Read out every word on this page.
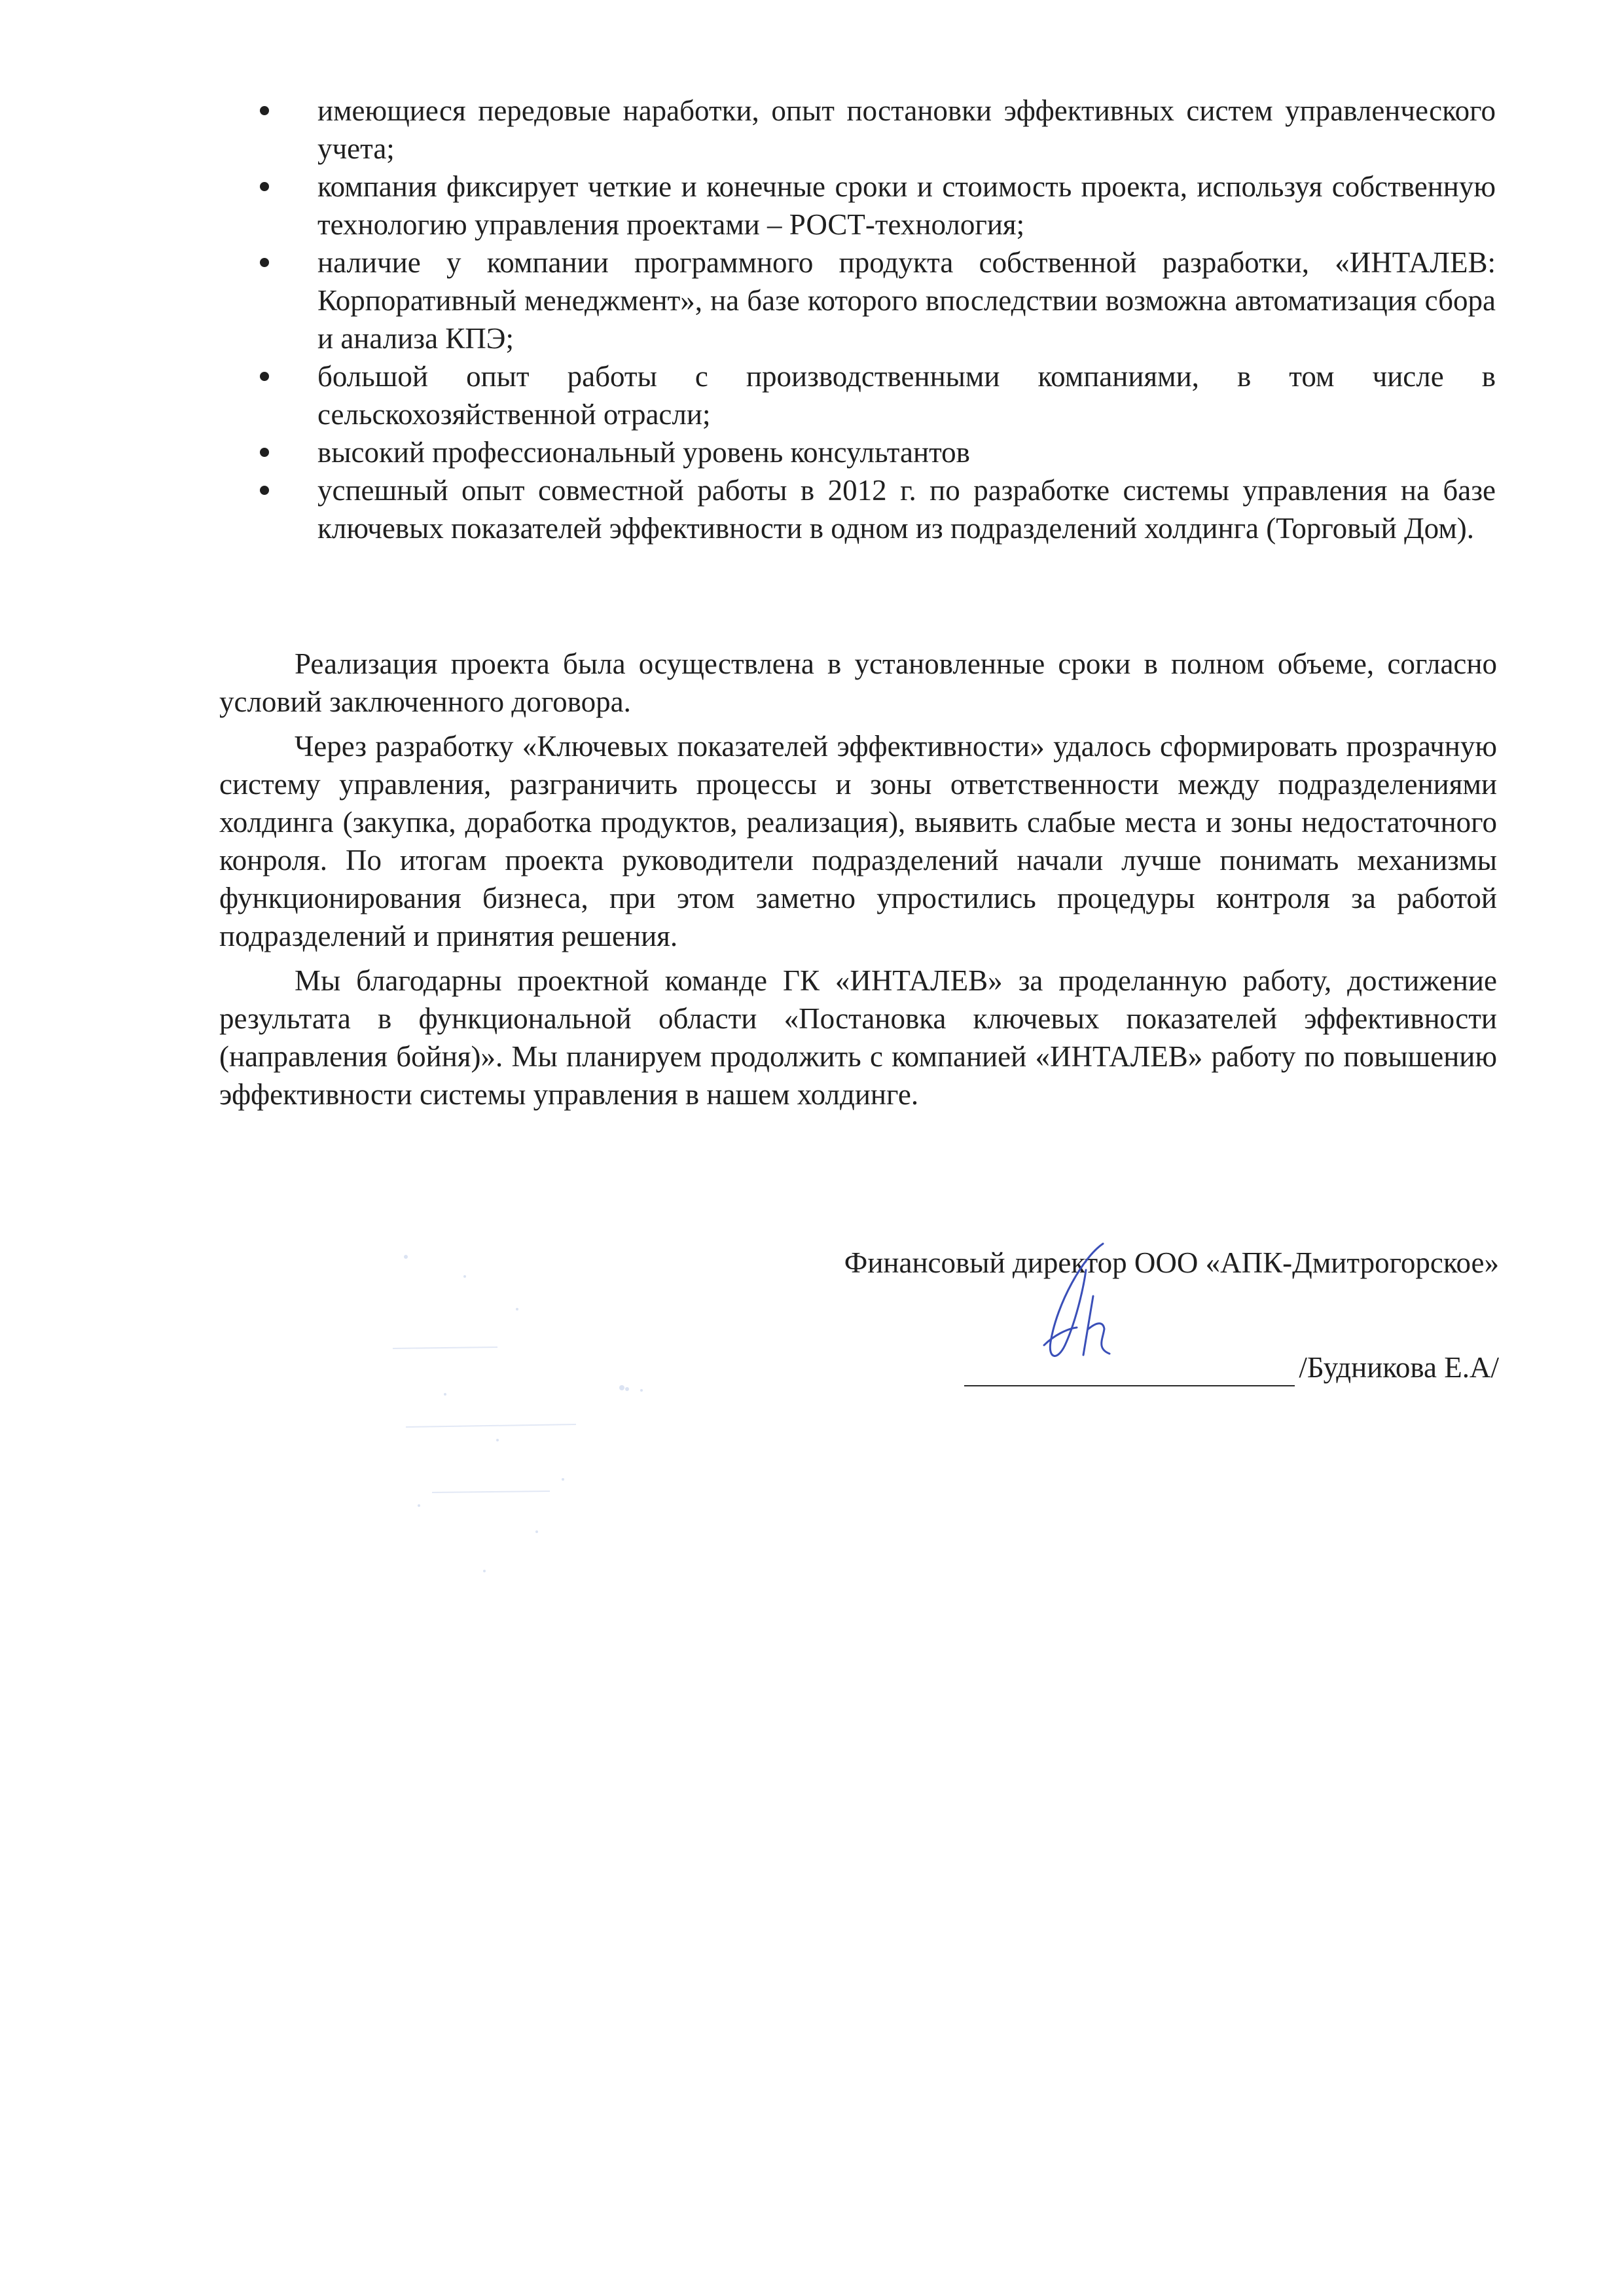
имеющиеся передовые наработки, опыт постановки эффективных систем управленческого учета;
компания фиксирует четкие и конечные сроки и стоимость проекта, используя собственную технологию управления проектами – РОСТ-технология;
наличие у компании программного продукта собственной разработки, «ИНТАЛЕВ: Корпоративный менеджмент», на базе которого впоследствии возможна автоматизация сбора и анализа КПЭ;
большой опыт работы с производственными компаниями, в том числе в сельскохозяйственной отрасли;
высокий профессиональный уровень консультантов
успешный опыт совместной работы в 2012 г. по разработке системы управления на базе ключевых показателей эффективности в одном из подразделений холдинга (Торговый Дом).

Реализация проекта была осуществлена в установленные сроки в полном объеме, согласно условий заключенного договора.

Через разработку «Ключевых показателей эффективности» удалось сформировать прозрачную систему управления, разграничить процессы и зоны ответственности между подразделениями холдинга (закупка, доработка продуктов, реализация), выявить слабые места и зоны недостаточного конроля. По итогам проекта руководители подразделений начали лучше понимать механизмы функционирования бизнеса, при этом заметно упростились процедуры контроля за работой подразделений и принятия решения.

Мы благодарны проектной команде ГК «ИНТАЛЕВ» за проделанную работу, достижение результата в функциональной области «Постановка ключевых показателей эффективности (направления бойня)». Мы планируем продолжить с компанией «ИНТАЛЕВ» работу по повышению эффективности системы управления в нашем холдинге.

Финансовый директор ООО «АПК-Дмитрогорское»
/Будникова Е.А/
